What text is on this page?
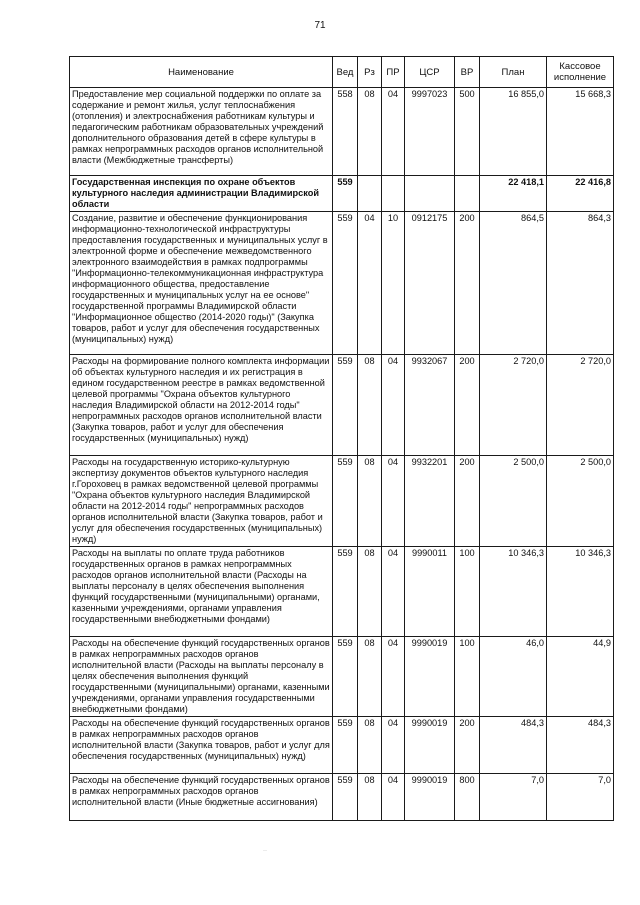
71
Наименование	Вед	Рз	ПР	ЦСР	ВР	План	Кассовое исполнение
Предоставление мер социальной поддержки по оплате за содержание и ремонт жилья, услуг теплоснабжения (отопления) и электроснабжения работникам культуры и педагогическим работникам образовательных учреждений дополнительного образования детей в сфере культуры в рамках непрограммных расходов органов исполнительной власти (Межбюджетные трансферты)	558	08	04	9997023	500	16 855,0	15 668,3
Государственная инспекция по охране объектов культурного наследия администрации Владимирской области	559					22 418,1	22 416,8
Создание, развитие и обеспечение функционирования информационно-технологической инфраструктуры предоставления государственных и муниципальных услуг в электронной форме и обеспечение межведомственного электронного взаимодействия в рамках подпрограммы "Информационно-телекоммуникационная инфраструктура информационного общества, предоставление государственных и муниципальных услуг на ее основе" государственной программы Владимирской области "Информационное общество (2014-2020 годы)" (Закупка товаров, работ и услуг для обеспечения государственных (муниципальных) нужд)	559	04	10	0912175	200	864,5	864,3
Расходы на формирование полного комплекта информации об объектах культурного наследия и их регистрация в едином государственном реестре в рамках ведомственной целевой программы "Охрана объектов культурного наследия Владимирской области на 2012-2014 годы" непрограммных расходов органов исполнительной власти (Закупка товаров, работ и услуг для обеспечения государственных (муниципальных) нужд)	559	08	04	9932067	200	2 720,0	2 720,0
Расходы на государственную историко-культурную экспертизу документов объектов культурного наследия г.Гороховец в рамках ведомственной целевой программы "Охрана объектов культурного наследия Владимирской области на 2012-2014 годы" непрограммных расходов органов исполнительной власти (Закупка товаров, работ и услуг для обеспечения государственных (муниципальных) нужд)	559	08	04	9932201	200	2 500,0	2 500,0
Расходы на выплаты по оплате труда работников государственных органов в рамках непрограммных расходов органов исполнительной власти (Расходы на выплаты персоналу в целях обеспечения выполнения функций государственными (муниципальными) органами, казенными учреждениями, органами управления государственными внебюджетными фондами)	559	08	04	9990011	100	10 346,3	10 346,3
Расходы на обеспечение функций государственных органов в рамках непрограммных расходов органов исполнительной власти (Расходы на выплаты персоналу в целях обеспечения выполнения функций государственными (муниципальными) органами, казенными учреждениями, органами управления государственными внебюджетными фондами)	559	08	04	9990019	100	46,0	44,9
Расходы на обеспечение функций государственных органов в рамках непрограммных расходов органов исполнительной власти (Закупка товаров, работ и услуг для обеспечения государственных (муниципальных) нужд)	559	08	04	9990019	200	484,3	484,3
Расходы на обеспечение функций государственных органов в рамках непрограммных расходов органов исполнительной власти (Иные бюджетные ассигнования)	559	08	04	9990019	800	7,0	7,0
··
